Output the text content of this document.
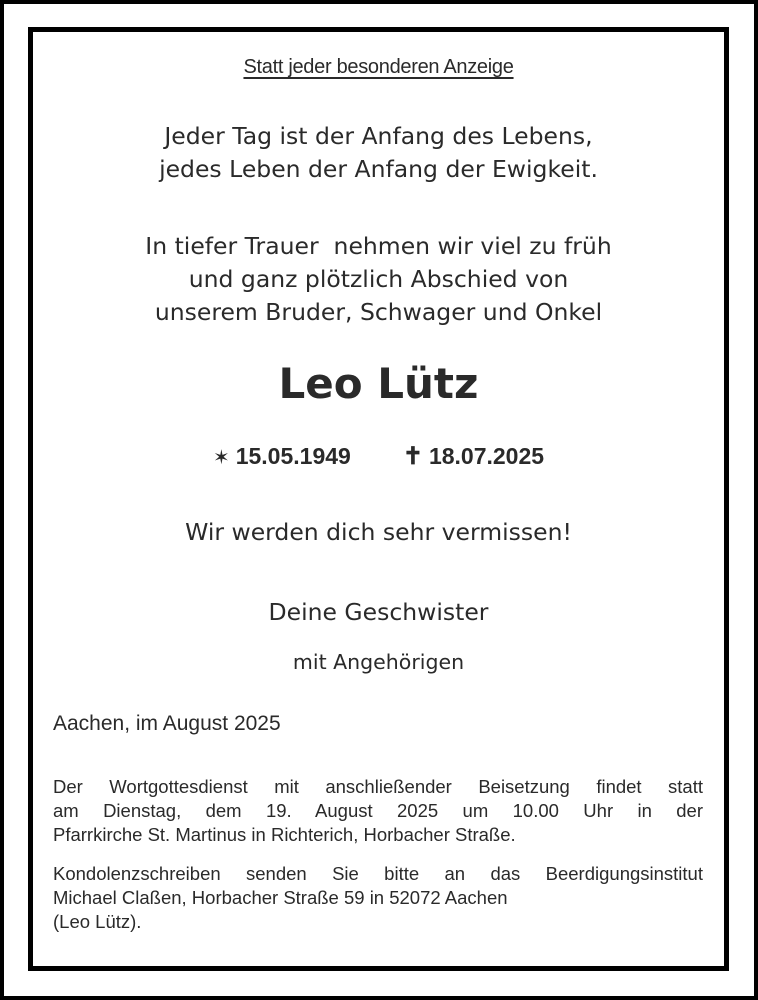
Statt jeder besonderen Anzeige
Jeder Tag ist der Anfang des Lebens,
jedes Leben der Anfang der Ewigkeit.
In tiefer Trauer  nehmen wir viel zu früh
und ganz plötzlich Abschied von
unserem Bruder, Schwager und Onkel
Leo Lütz
✶ 15.05.1949 ✝ 18.07.2025
Wir werden dich sehr vermissen!
Deine Geschwister
mit Angehörigen
Aachen, im August 2025
Der Wortgottesdienst mit anschließender Beisetzung findet statt
am Dienstag, dem 19. August 2025 um 10.00 Uhr in der
Pfarrkirche St. Martinus in Richterich, Horbacher Straße.
Kondolenzschreiben senden Sie bitte an das Beerdigungsinstitut
Michael Claßen, Horbacher Straße 59 in 52072 Aachen
(Leo Lütz).
